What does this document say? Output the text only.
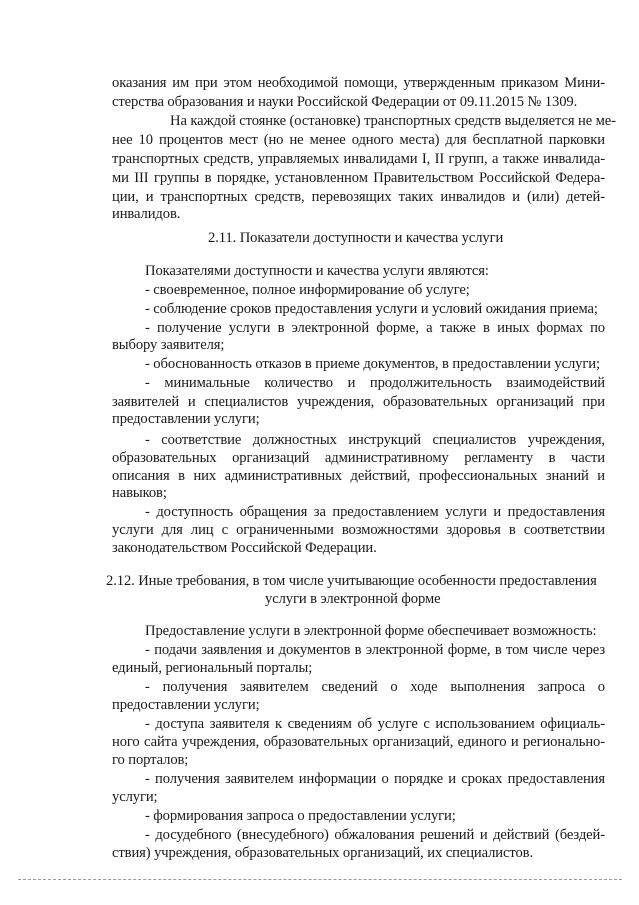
оказания им при этом необходимой помощи, утвержденным приказом Мини-
стерства образования и науки Российской Федерации от 09.11.2015 № 1309.
На каждой стоянке (остановке) транспортных средств выделяется не ме-
нее 10 процентов мест (но не менее одного места) для бесплатной парковки
транспортных средств, управляемых инвалидами I, II групп, а также инвалида-
ми III группы в порядке, установленном Правительством Российской Федера-
ции, и транспортных средств, перевозящих таких инвалидов и (или) детей-
инвалидов.
2.11. Показатели доступности и качества услуги
Показателями доступности и качества услуги являются:
- своевременное, полное информирование об услуге;
- соблюдение сроков предоставления услуги и условий ожидания приема;
- получение услуги в электронной форме, а также в иных формах по
выбору заявителя;
- обоснованность отказов в приеме документов, в предоставлении услуги;
- минимальные количество и продолжительность взаимодействий
заявителей и специалистов учреждения, образовательных организаций при
предоставлении услуги;
- соответствие должностных инструкций специалистов учреждения,
образовательных организаций административному регламенту в части
описания в них административных действий, профессиональных знаний и
навыков;
- доступность обращения за предоставлением услуги и предоставления
услуги для лиц с ограниченными возможностями здоровья в соответствии
законодательством Российской Федерации.
2.12. Иные требования, в том числе учитывающие особенности предоставления
услуги в электронной форме
Предоставление услуги в электронной форме обеспечивает возможность:
- подачи заявления и документов в электронной форме, в том числе через
единый, региональный порталы;
- получения заявителем сведений о ходе выполнения запроса о
предоставлении услуги;
- доступа заявителя к сведениям об услуге с использованием официаль-
ного сайта учреждения, образовательных организаций, единого и регионально-
го порталов;
- получения заявителем информации о порядке и сроках предоставления
услуги;
- формирования запроса о предоставлении услуги;
- досудебного (внесудебного) обжалования решений и действий (бездей-
ствия) учреждения, образовательных организаций, их специалистов.
